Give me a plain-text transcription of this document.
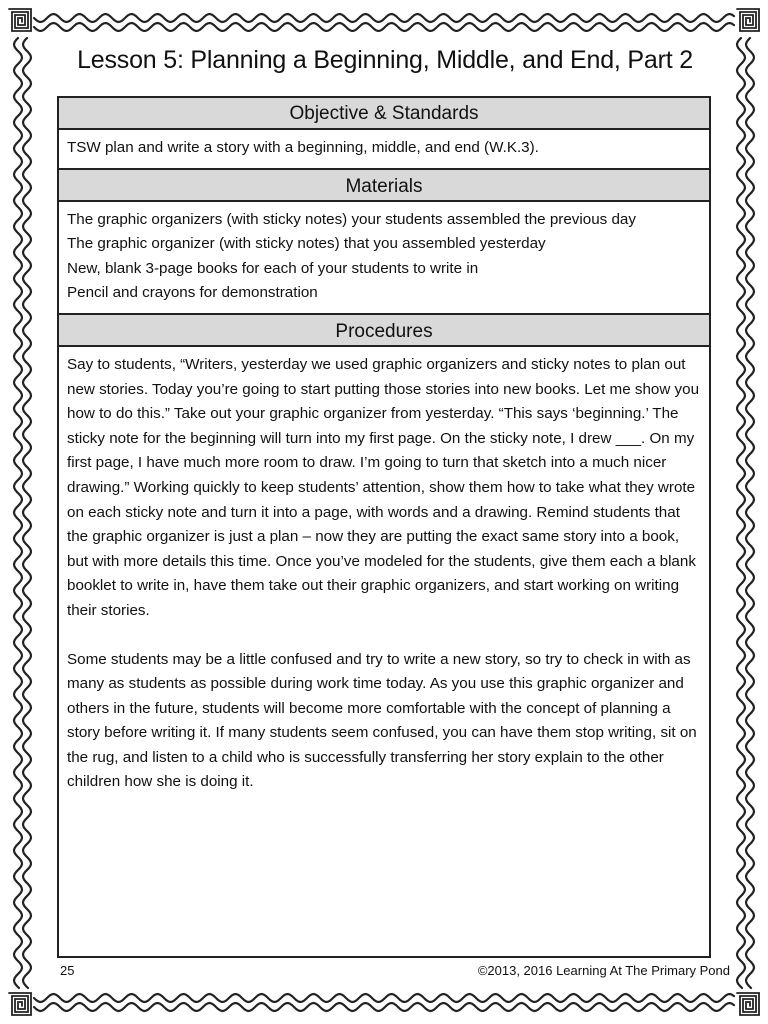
Lesson 5: Planning a Beginning, Middle, and End, Part 2
Objective & Standards

TSW plan and write a story with a beginning, middle, and end (W.K.3).

Materials

The graphic organizers (with sticky notes) your students assembled the previous day

The graphic organizer (with sticky notes) that you assembled yesterday

New, blank 3-page books for each of your students to write in

Pencil and crayons for demonstration

Procedures

Say to students, “Writers, yesterday we used graphic organizers and sticky notes to plan out new stories. Today you’re going to start putting those stories into new books. Let me show you how to do this.” Take out your graphic organizer from yesterday. “This says ‘beginning.’ The sticky note for the beginning will turn into my first page. On the sticky note, I drew ___. On my first page, I have much more room to draw. I’m going to turn that sketch into a much nicer drawing.” Working quickly to keep students’ attention, show them how to take what they wrote on each sticky note and turn it into a page, with words and a drawing. Remind students that the graphic organizer is just a plan – now they are putting the exact same story into a book, but with more details this time. Once you’ve modeled for the students, give them each a blank booklet to write in, have them take out their graphic organizers, and start working on writing their stories.

Some students may be a little confused and try to write a new story, so try to check in with as many as students as possible during work time today. As you use this graphic organizer and others in the future, students will become more comfortable with the concept of planning a story before writing it. If many students seem confused, you can have them stop writing, sit on the rug, and listen to a child who is successfully transferring her story explain to the other children how she is doing it.

25	©2013, 2016 Learning At The Primary Pond
